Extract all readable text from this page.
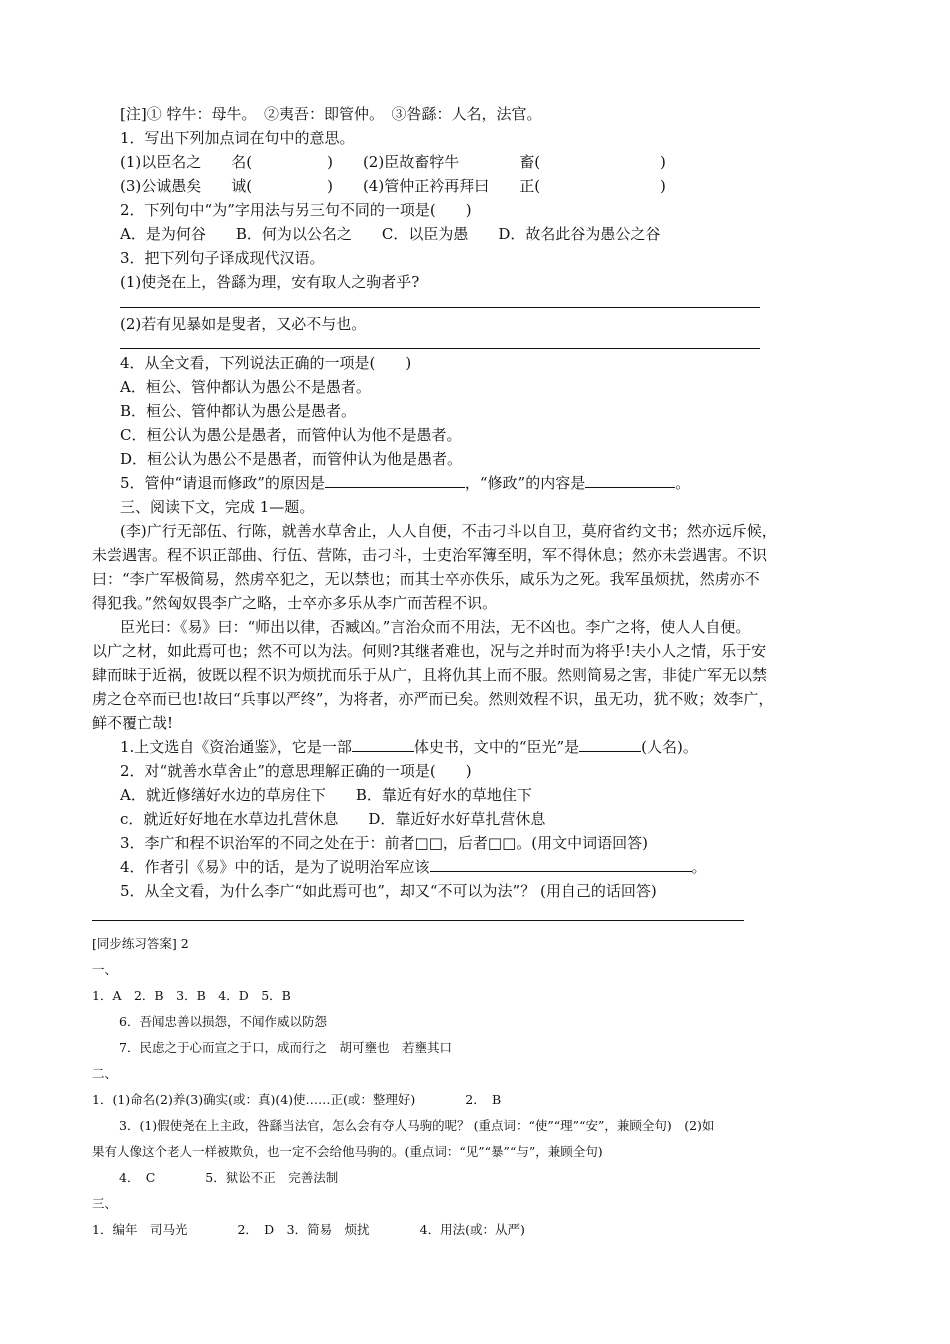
[注]① 牸牛：母牛。　②夷吾：即管仲。　③咎繇：人名，法官。
1．写出下列加点词在句中的意思。
(1)以臣名之　　名(　　　　　)　　(2)臣故畜牸牛　　　　畜(　　　　　　　　)
(3)公诚愚矣　　诚(　　　　　)　　(4)管仲正衿再拜曰　　正(　　　　　　　　)
2．下列句中“为”字用法与另三句不同的一项是(　　)
A．是为何谷　　B．何为以公名之　　C．以臣为愚　　D．故名此谷为愚公之谷
3．把下列句子译成现代汉语。
(1)使尧在上，咎繇为理，安有取人之驹者乎?
(2)若有见暴如是叟者，又必不与也。
4．从全文看，下列说法正确的一项是(　　)
A．桓公、管仲都认为愚公不是愚者。
B．桓公、管仲都认为愚公是愚者。
C．桓公认为愚公是愚者，而管仲认为他不是愚者。
D．桓公认为愚公不是愚者，而管仲认为他是愚者。
5．管仲“请退而修政”的原因是	，“修政”的内容是	。
三、阅读下文，完成 1—题。
(李)广行无部伍、行陈，就善水草舍止，人人自便，不击刁斗以自卫，莫府省约文书；然亦远斥候，
未尝遇害。程不识正部曲、行伍、营陈，击刁斗，士吏治军簿至明，军不得休息；然亦未尝遇害。不识
曰：“李广军极简易，然虏卒犯之，无以禁也；而其士卒亦佚乐，咸乐为之死。我军虽烦扰，然虏亦不
得犯我。”然匈奴畏李广之略，士卒亦多乐从李广而苦程不识。
臣光曰：《易》曰：“师出以律，否臧凶。”言治众而不用法，无不凶也。李广之将，使人人自便。
以广之材，如此焉可也；然不可以为法。何则?其继者难也，况与之并时而为将乎!夫小人之情，乐于安
肆而昧于近祸，彼既以程不识为烦扰而乐于从广，且将仇其上而不服。然则简易之害，非徒广军无以禁
虏之仓卒而已也!故曰“兵事以严终”，为将者，亦严而已矣。然则效程不识，虽无功，犹不败；效李广，
鲜不覆亡哉!
1.上文选自《资治通鉴》，它是一部	体史书，文中的“臣光”是	(人名)。
2．对“就善水草舍止”的意思理解正确的一项是(　　)
A．就近修缮好水边的草房住下　　B．靠近有好水的草地住下
c．就近好好地在水草边扎营休息　　D．靠近好水好草扎营休息
3．李广和程不识治军的不同之处在于：前者□□，后者□□。(用文中词语回答)
4．作者引《易》中的话，是为了说明治军应该	。
5．从全文看，为什么李广“如此焉可也”，却又“不可以为法”？ (用自己的话回答)
[同步练习答案] 2
一、
1．A　2．B　3．B　4．D　5．B
6．吾闻忠善以损怨，不闻作威以防怨
7．民虑之于心而宣之于口，成而行之　胡可壅也　若壅其口
二、
1．(1)命名(2)养(3)确实(或：真)(4)使……正(或：整理好)　　　　2．　B
3．(1)假使尧在上主政，咎繇当法官，怎么会有夺人马驹的呢？ (重点词：“使”“理”“安”，兼顾全句)　(2)如
果有人像这个老人一样被欺负，也一定不会给他马驹的。(重点词：“见”“暴”“与”，兼顾全句)
4．　C　　　　5．狱讼不正　完善法制
三、
1．编年　司马光　　　　2．　D　3．简易　烦扰　　　　4．用法(或：从严)
